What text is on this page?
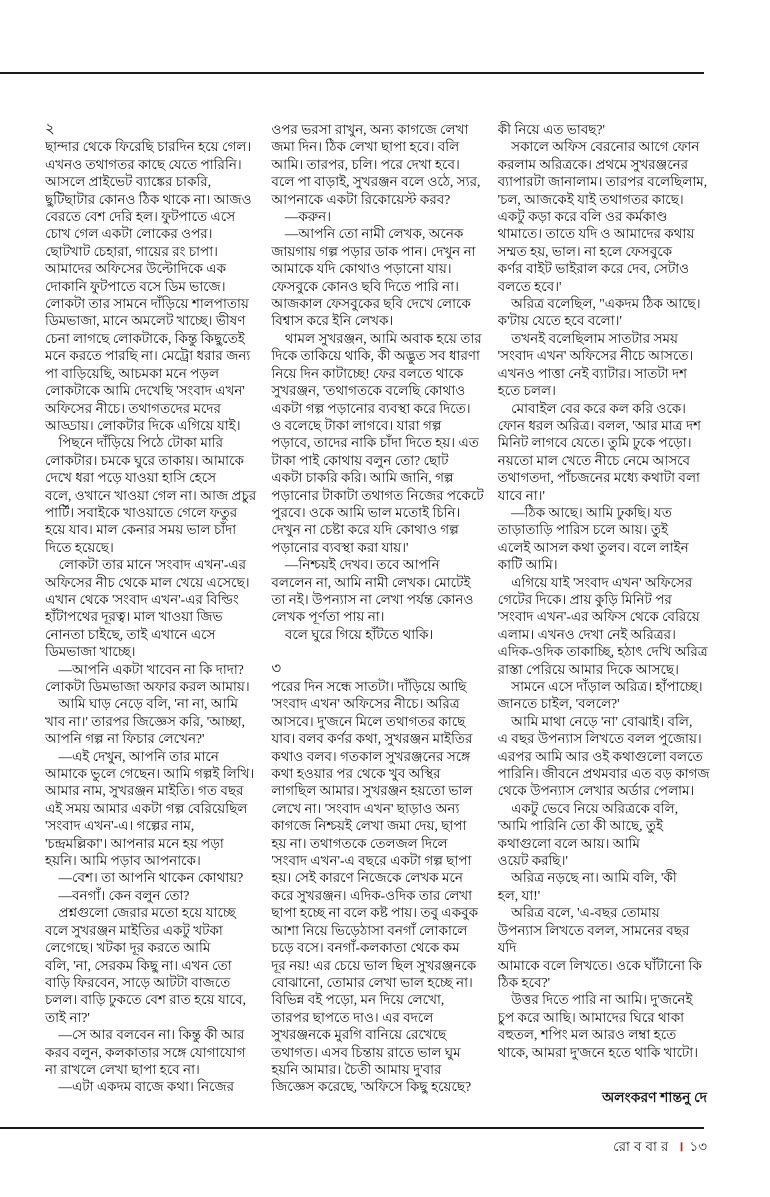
২
ছান্দার থেকে ফিরেছি চারদিন হয়ে গেল।
এখনও তথাগতর কাছে যেতে পারিনি।
আসলে প্রাইভেট ব্যাঙ্কের চাকরি,
ছুটিছাটার কোনও ঠিক থাকে না। আজও
বেরতে বেশ দেরি হল। ফুটপাতে এসে
চোখ গেল একটা লোকের ওপর।
ছোটখাট চেহারা, গায়ের রং চাপা।
আমাদের অফিসের উল্টোদিকে এক
দোকানি ফুটপাতে বসে ডিম ভাজে।
লোকটা তার সামনে দাঁড়িয়ে শালপাতায়
ডিমভাজা, মানে অমলেট খাচ্ছে। ভীষণ
চেনা লাগছে লোকটাকে, কিন্তু কিছুতেই
মনে করতে পারছি না। মেট্রো ধরার জন্য
পা বাড়িয়েছি, আচমকা মনে পড়ল
লোকটাকে আমি দেখেছি 'সংবাদ এখন'
অফিসের নীচে। তথাগতদের মদের
আড্ডায়। লোকটার দিকে এগিয়ে যাই।
পিছনে দাঁড়িয়ে পিঠে টোকা মারি
লোকটার। চমকে ঘুরে তাকায়। আমাকে
দেখে ধরা পড়ে যাওয়া হাসি হেসে
বলে, ওখানে খাওয়া গেল না। আজ প্রচুর
পার্টি। সবাইকে খাওয়াতে গেলে ফতুর
হয়ে যাব। মাল কেনার সময় ভাল চাঁদা
দিতে হয়েছে।
লোকটা তার মানে 'সংবাদ এখন'-এর
অফিসের নীচ থেকে মাল খেয়ে এসেছে।
এখান থেকে 'সংবাদ এখন'-এর বিল্ডিং
হাঁটাপথের দূরত্ব। মাল খাওয়া জিভ
নোনতা চাইছে, তাই এখানে এসে
ডিমভাজা খাচ্ছে।
—আপনি একটা খাবেন না কি দাদা?
লোকটা ডিমভাজা অফার করল আমায়।
আমি ঘাড় নেড়ে বলি, 'না না, আমি
খাব না।' তারপর জিজ্ঞেস করি, 'আচ্ছা,
আপনি গল্প না ফিচার লেখেন?'
—এই দেখুন, আপনি তার মানে
আমাকে ভুলে গেছেন। আমি গল্পই লিখি।
আমার নাম, সুখরঞ্জন মাইতি। গত বছর
এই সময় আমার একটা গল্প বেরিয়েছিল
'সংবাদ এখন'-এ। গল্পের নাম,
'চন্দ্রমল্লিকা'। আপনার মনে হয় পড়া
হয়নি। আমি পড়াব আপনাকে।
—বেশ। তা আপনি থাকেন কোথায়?
—বনগাঁ। কেন বলুন তো?
প্রশ্নগুলো জেরার মতো হয়ে যাচ্ছে
বলে সুখরঞ্জন মাইতির একটু খটকা
লেগেছে। খটকা দূর করতে আমি
বলি, 'না, সেরকম কিছু না। এখন তো
বাড়ি ফিরবেন, সাড়ে আটটা বাজতে
চলল। বাড়ি ঢুকতে বেশ রাত হয়ে যাবে,
তাই না?'
—সে আর বলবেন না। কিন্তু কী আর
করব বলুন, কলকাতার সঙ্গে যোগাযোগ
না রাখলে লেখা ছাপা হবে না।
—এটা একদম বাজে কথা। নিজের
ওপর ভরসা রাখুন, অন্য কাগজে লেখা
জমা দিন। ঠিক লেখা ছাপা হবে। বলি
আমি। তারপর, চলি। পরে দেখা হবে।
বলে পা বাড়াই, সুখরঞ্জন বলে ওঠে, স্যর,
আপনাকে একটা রিকোয়েস্ট করব?
—করুন।
—আপনি তো নামী লেখক, অনেক
জায়গায় গল্প পড়ার ডাক পান। দেখুন না
আমাকে যদি কোথাও পড়ানো যায়।
ফেসবুকে কোনও ছবি দিতে পারি না।
আজকাল ফেসবুকের ছবি দেখে লোকে
বিশ্বাস করে ইনি লেখক।
থামল সুখরঞ্জন, আমি অবাক হয়ে তার
দিকে তাকিয়ে থাকি, কী অদ্ভুত সব ধারণা
নিয়ে দিন কাটাচ্ছে! ফের বলতে থাকে
সুখরঞ্জন, 'তথাগতকে বলেছি কোথাও
একটা গল্প পড়ানোর ব্যবস্থা করে দিতে।
ও বলেছে টাকা লাগবে। যারা গল্প
পড়াবে, তাদের নাকি চাঁদা দিতে হয়। এত
টাকা পাই কোথায় বলুন তো? ছোট
একটা চাকরি করি। আমি জানি, গল্প
পড়ানোর টাকাটা তথাগত নিজের পকেটে
পুরবে। ওকে আমি ভাল মতোই চিনি।
দেখুন না চেষ্টা করে যদি কোথাও গল্প
পড়ানোর ব্যবস্থা করা যায়।'
—নিশ্চয়ই দেখব। তবে আপনি
বললেন না, আমি নামী লেখক। মোটেই
তা নই। উপন্যাস না লেখা পর্যন্ত কোনও
লেখক পূর্ণতা পায় না।
বলে ঘুরে গিয়ে হাঁটতে থাকি।

৩
পরের দিন সন্ধে সাতটা। দাঁড়িয়ে আছি
'সংবাদ এখন' অফিসের নীচে। অরিত্র
আসবে। দু'জনে মিলে তথাগতর কাছে
যাব। বলব কর্ণর কথা, সুখরঞ্জন মাইতির
কথাও বলব। গতকাল সুখরঞ্জনের সঙ্গে
কথা হওয়ার পর থেকে খুব অস্থির
লাগছিল আমার। সুখরঞ্জন হয়তো ভাল
লেখে না। 'সংবাদ এখন' ছাড়াও অন্য
কাগজে নিশ্চয়ই লেখা জমা দেয়, ছাপা
হয় না। তথাগতকে তেলজল দিলে
'সংবাদ এখন'-এ বছরে একটা গল্প ছাপা
হয়। সেই কারণে নিজেকে লেখক মনে
করে সুখরঞ্জন। এদিক-ওদিক তার লেখা
ছাপা হচ্ছে না বলে কষ্ট পায়। তবু একবুক
আশা নিয়ে ভিড়েঠাসা বনগাঁ লোকালে
চড়ে বসে। বনগাঁ-কলকাতা থেকে কম
দূর নয়! এর চেয়ে ভাল ছিল সুখরঞ্জনকে
বোঝানো, তোমার লেখা ভাল হচ্ছে না।
বিভিন্ন বই পড়ো, মন দিয়ে লেখো,
তারপর ছাপতে দাও। এর বদলে
সুখরঞ্জনকে মুরগি বানিয়ে রেখেছে
তথাগত। এসব চিন্তায় রাতে ভাল ঘুম
হয়নি আমার। চৈতী আমায় দু'বার
জিজ্ঞেস করেছে, 'অফিসে কিছু হয়েছে?
কী নিয়ে এত ভাবছ?'
সকালে অফিস বেরনোর আগে ফোন
করলাম অরিত্রকে। প্রথমে সুখরঞ্জনের
ব্যাপারটা জানালাম। তারপর বলেছিলাম,
'চল, আজকেই যাই তথাগতর কাছে।
একটু কড়া করে বলি ওর কর্মকাণ্ড
থামাতে। তাতে যদি ও আমাদের কথায়
সম্মত হয়, ভাল। না হলে ফেসবুকে
কর্ণর বাইট ভাইরাল করে দেব, সেটাও
বলতে হবে।'
অরিত্র বলেছিল, "একদম ঠিক আছে।
ক'টায় যেতে হবে বলো।'
তখনই বলেছিলাম সাতটার সময়
'সংবাদ এখন' অফিসের নীচে আসতে।
এখনও পাত্তা নেই ব্যাটার। সাতটা দশ
হতে চলল।
মোবাইল বের করে কল করি ওকে।
ফোন ধরল অরিত্র। বলল, 'আর মাত্র দশ
মিনিট লাগবে যেতে। তুমি ঢুকে পড়ো।
নয়তো মাল খেতে নীচে নেমে আসবে
তথাগতদা, পাঁচজনের মধ্যে কথাটা বলা
যাবে না।'
—ঠিক আছে। আমি ঢুকছি। যত
তাড়াতাড়ি পারিস চলে আয়। তুই
এলেই আসল কথা তুলব। বলে লাইন
কাটি আমি।
এগিয়ে যাই 'সংবাদ এখন' অফিসের
গেটের দিকে। প্রায় কুড়ি মিনিট পর
'সংবাদ এখন'-এর অফিস থেকে বেরিয়ে
এলাম। এখনও দেখা নেই অরিত্রর।
এদিক-ওদিক তাকাচ্ছি, হঠাৎ দেখি অরিত্র
রাস্তা পেরিয়ে আমার দিকে আসছে।
সামনে এসে দাঁড়াল অরিত্র। হাঁপাচ্ছে।
জানতে চাইল, 'বললে?'
আমি মাথা নেড়ে 'না' বোঝাই। বলি,
এ বছর উপন্যাস লিখতে বলল পুজোয়।
এরপর আমি আর ওই কথাগুলো বলতে
পারিনি। জীবনে প্রথমবার এত বড় কাগজ
থেকে উপন্যাস লেখার অর্ডার পেলাম।
একটু ভেবে নিয়ে অরিত্রকে বলি,
'আমি পারিনি তো কী আছে, তুই
কথাগুলো বলে আয়। আমি
ওয়েট করছি।'
অরিত্র নড়ছে না। আমি বলি, 'কী
হল, যা!'
অরিত্র বলে, 'এ-বছর তোমায়
উপন্যাস লিখতে বলল, সামনের বছর যদি
আমাকে বলে লিখতে। ওকে ঘাঁটানো কি
ঠিক হবে?'
উত্তর দিতে পারি না আমি। দু'জনেই
চুপ করে আছি। আমাদের ঘিরে থাকা
বহুতল, শপিং মল আরও লম্বা হতে
থাকে, আমরা দু'জনে হতে থাকি খাটো।
অলংকরণ শান্তনু দে
রোববার । ১৩
